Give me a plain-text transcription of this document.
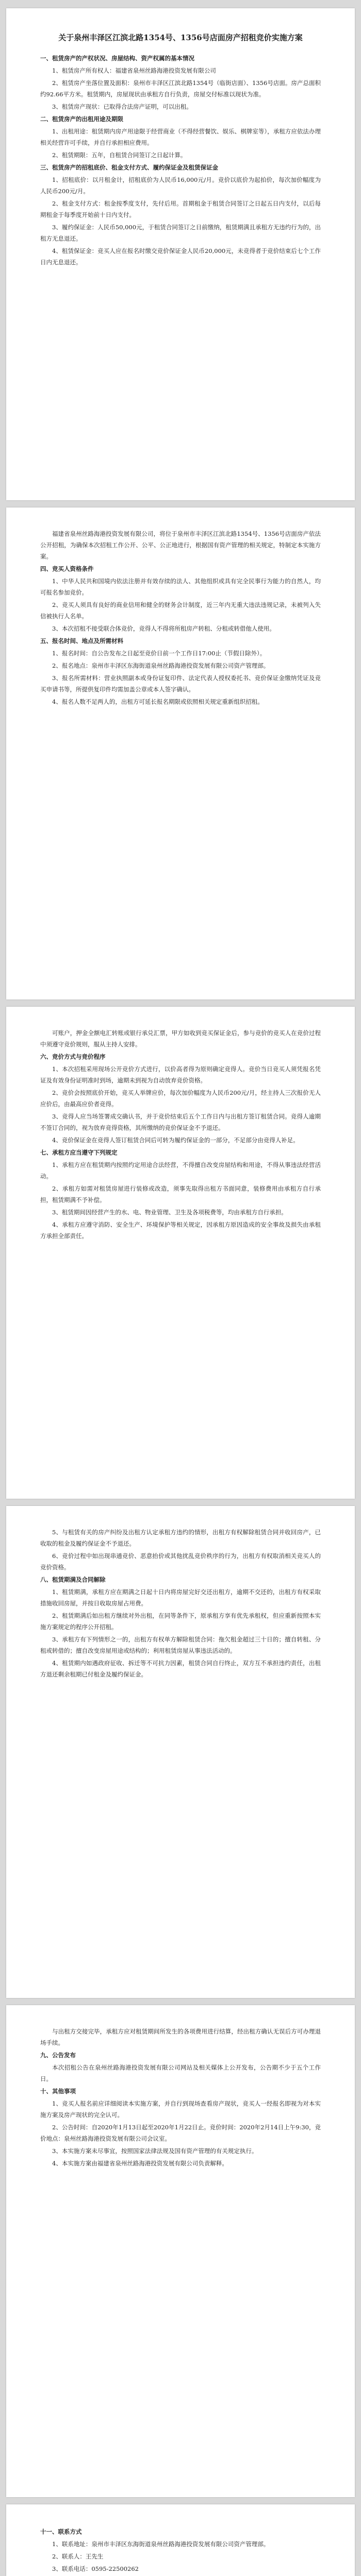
关于泉州丰泽区江滨北路1354号、1356号店面房产招租竞价实施方案
一、租赁房产的产权状况、房屋结构、资产权属的基本情况
1、租赁房产所有权人：福建省泉州丝路海港投资发展有限公司
2、租赁房产坐落位置及面积：泉州市丰泽区江滨北路1354号（临街店面）、1356号店面。房产总面积约92.66平方米。租赁期内，房屋现状由承租方自行负责，房屋交付标准以现状为准。
3、租赁房产现状：已取得合法房产证明，可以出租。
二、租赁房产的出租用途及期限
1、出租用途：租赁期内房产用途限于经营商业（不得经营餐饮、娱乐、棋牌室等），承租方应依法办理相关经营许可手续，并自行承担相应费用。
2、租赁期限：五年，自租赁合同签订之日起计算。
三、租赁房产的招租底价、租金支付方式、履约保证金及租赁保证金
1、招租底价：以月租金计，招租底价为人民币16,000元/月。竞价以底价为起拍价，每次加价幅度为人民币200元/月。
2、租金支付方式：租金按季度支付，先付后用。首期租金于租赁合同签订之日起五日内支付，以后每期租金于每季度开始前十日内支付。
3、履约保证金：人民币50,000元，于租赁合同签订之日前缴纳，租赁期满且承租方无违约行为的，出租方无息退还。
4、租赁保证金：竞买人应在报名时缴交竞价保证金人民币20,000元，未竞得者于竞价结束后七个工作日内无息退还。
福建省泉州丝路海港投资发展有限公司，将位于泉州市丰泽区江滨北路1354号、1356号店面房产依法公开招租，为确保本次招租工作公开、公平、公正地进行，根据国有资产管理的相关规定，特制定本实施方案。
四、竞买人资格条件
1、中华人民共和国境内依法注册并有效存续的法人、其他组织或具有完全民事行为能力的自然人，均可报名参加竞价。
2、竞买人须具有良好的商业信用和健全的财务会计制度，近三年内无重大违法违规记录，未被列入失信被执行人名单。
3、本次招租不接受联合体竞价，竞得人不得将所租房产转租、分租或转借他人使用。
五、报名时间、地点及所需材料
1、报名时间：自公告发布之日起至竞价日前一个工作日17:00止（节假日除外）。
2、报名地点：泉州市丰泽区东海街道泉州丝路海港投资发展有限公司资产管理部。
3、报名所需材料：营业执照副本或身份证复印件、法定代表人授权委托书、竞价保证金缴纳凭证及竞买申请书等，所提供复印件均需加盖公章或本人签字确认。
4、报名人数不足两人的，出租方可延长报名期限或依照相关规定重新组织招租。
可账户，押金全额电汇转账或银行承兑汇票，甲方如收到竞买保证金后，参与竞价的竞买人在竞价过程中须遵守竞价规则，服从主持人安排。
六、竞价方式与竞价程序
1、本次招租采用现场公开竞价方式进行，以价高者得为原则确定竞得人。竞价当日竞买人须凭报名凭证及有效身份证明准时到场，逾期未到视为自动放弃竞价资格。
2、竞价会按照底价开始，竞买人举牌应价，每次加价幅度为人民币200元/月，经主持人三次报价无人应价后，由最高应价者竞得。
3、竞得人应当场签署成交确认书，并于竞价结束后五个工作日内与出租方签订租赁合同。竞得人逾期不签订合同的，视为放弃竞得资格，其所缴纳的竞价保证金不予退还。
4、竞价保证金在竞得人签订租赁合同后可转为履约保证金的一部分，不足部分由竞得人补足。
七、承租方应当遵守下列规定
1、承租方应在租赁期内按照约定用途合法经营，不得擅自改变房屋结构和用途，不得从事违法经营活动。
2、承租方如需对租赁房屋进行装修或改造，须事先取得出租方书面同意，装修费用由承租方自行承担，租赁期满不予补偿。
3、租赁期间因经营产生的水、电、物业管理、卫生及各项税费等，均由承租方自行承担。
4、承租方应遵守消防、安全生产、环境保护等相关规定，因承租方原因造成的安全事故及损失由承租方承担全部责任。
5、与租赁有关的房产纠纷及出租方认定承租方违约的情形，出租方有权解除租赁合同并收回房产，已收取的租金及履约保证金不予退还。
6、竞价过程中如出现串通竞价、恶意抬价或其他扰乱竞价秩序的行为，出租方有权取消相关竞买人的竞价资格。
八、租赁期满及合同解除
1、租赁期满，承租方应在期满之日起十日内将房屋完好交还出租方，逾期不交还的，出租方有权采取措施收回房屋，并按日收取房屋占用费。
2、租赁期满后如出租方继续对外出租，在同等条件下，原承租方享有优先承租权，但应重新按照本实施方案规定的程序公开招租。
3、承租方有下列情形之一的，出租方有权单方解除租赁合同：拖欠租金超过三十日的；擅自转租、分租或转借的；擅自改变房屋用途或结构的；利用租赁房屋从事违法活动的。
4、租赁期内如遇政府征收、拆迁等不可抗力因素，租赁合同自行终止，双方互不承担违约责任，出租方退还剩余租期已付租金及履约保证金。
与出租方交接完毕，承租方应对租赁期间所发生的各项费用进行结算，经出租方确认无误后方可办理退场手续。
九、公告发布
本次招租公告在泉州丝路海港投资发展有限公司网站及相关媒体上公开发布，公告期不少于五个工作日。
十、其他事项
1、竞买人报名前应详细阅读本实施方案，并自行到现场查看房产现状，竞买人一经报名即视为对本实施方案及房产现状的完全认可。
2、公告时间：自2020年1月13日起至2020年1月22日止。竞价时间：2020年2月14日上午9:30，竞价地点：泉州丝路海港投资发展有限公司会议室。
3、本实施方案未尽事宜，按照国家法律法规及国有资产管理的有关规定执行。
4、本实施方案由福建省泉州丝路海港投资发展有限公司负责解释。
十一、联系方式
1、联系地址：泉州市丰泽区东海街道泉州丝路海港投资发展有限公司资产管理部。
2、联系人：王先生
3、联系电话：0595-22500262
